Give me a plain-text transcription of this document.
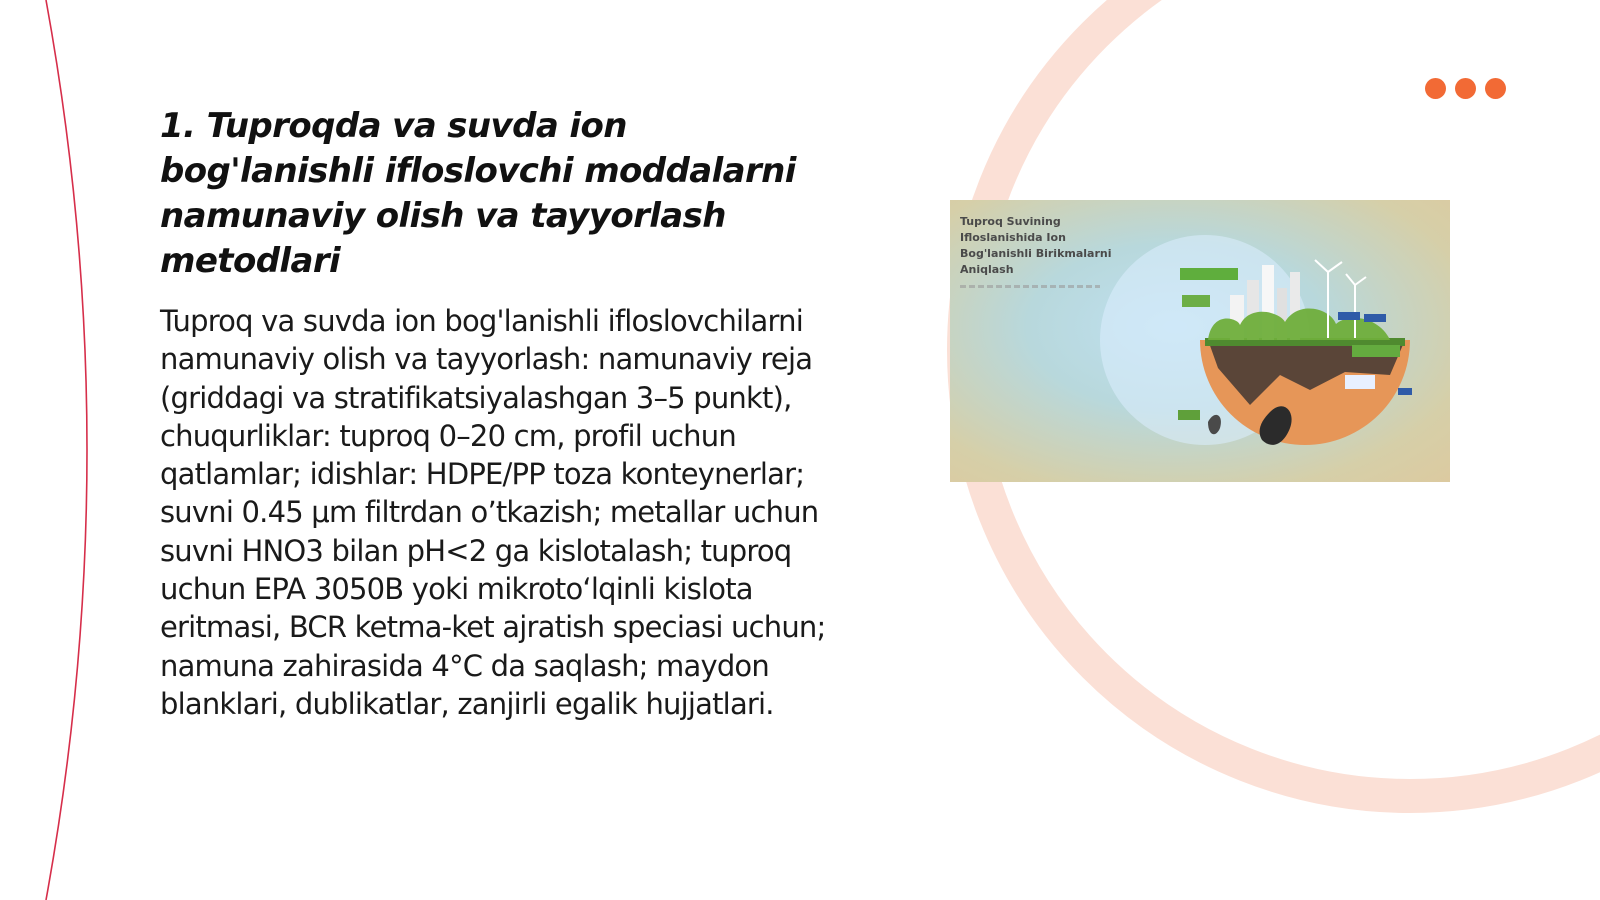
1. Tuproqda va suvda ion bog'lanishli ifloslovchi moddalarni namunaviy olish va tayyorlash metodlari

Tuproq va suvda ion bog'lanishli ifloslovchilarni namunaviy olish va tayyorlash: namunaviy reja (griddagi va stratifikatsiyalashgan 3–5 punkt), chuqurliklar: tuproq 0–20 cm, profil uchun qatlamlar; idishlar: HDPE/PP toza konteynerlar; suvni 0.45 μm filtrdan o’tkazish; metallar uchun suvni HNO3 bilan pH<2 ga kislotalash; tuproq uchun EPA 3050B yoki mikroto‘lqinli kislota eritmasi, BCR ketma-ket ajratish speciasi uchun; namuna zahirasida 4°C da saqlash; maydon blanklari, dublikatlar, zanjirli egalik hujjatlari.

Tuproq Suvining Ifloslanishida Ion Bog'lanishli Birikmalarni Aniqlash
